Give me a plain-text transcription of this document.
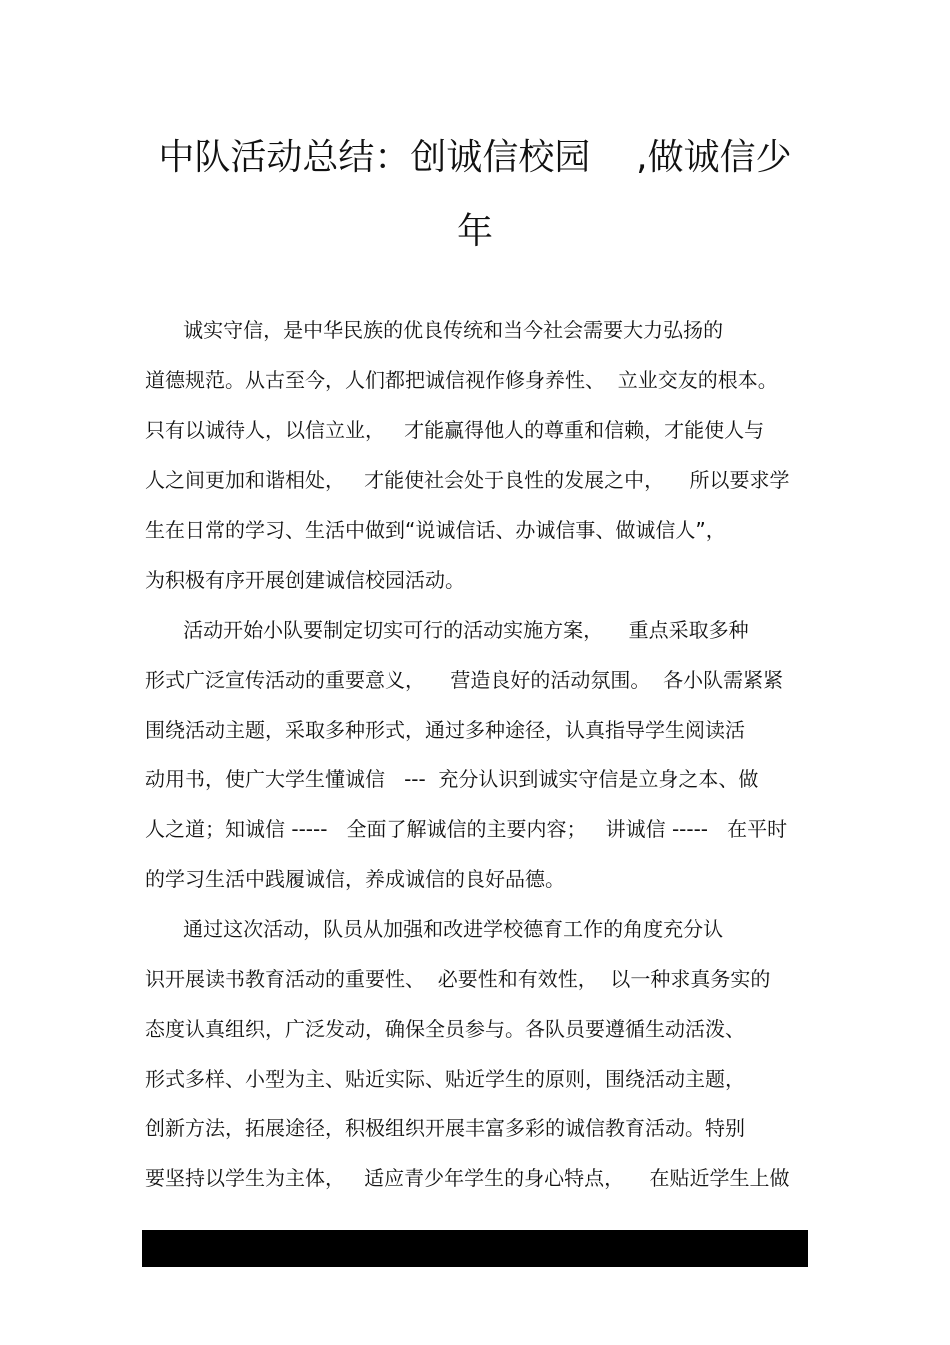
中队活动总结：创诚信校园    ,做诚信少
年
诚实守信，是中华民族的优良传统和当今社会需要大力弘扬的
道德规范。从古至今，人们都把诚信视作修身养性、  立业交友的根本。
只有以诚待人，以信立业，   才能赢得他人的尊重和信赖，才能使人与
人之间更加和谐相处，   才能使社会处于良性的发展之中，    所以要求学
生在日常的学习、生活中做到“说诚信话、办诚信事、做诚信人”，
为积极有序开展创建诚信校园活动。
活动开始小队要制定切实可行的活动实施方案，    重点采取多种
形式广泛宣传活动的重要意义，    营造良好的活动氛围。  各小队需紧紧
围绕活动主题，采取多种形式，通过多种途径，认真指导学生阅读活
动用书，使广大学生懂诚信   ---  充分认识到诚实守信是立身之本、做
人之道；知诚信 -----   全面了解诚信的主要内容；   讲诚信 -----   在平时
的学习生活中践履诚信，养成诚信的良好品德。
通过这次活动，队员从加强和改进学校德育工作的角度充分认
识开展读书教育活动的重要性、  必要性和有效性，  以一种求真务实的
态度认真组织，广泛发动，确保全员参与。各队员要遵循生动活泼、
形式多样、小型为主、贴近实际、贴近学生的原则，围绕活动主题，
创新方法，拓展途径，积极组织开展丰富多彩的诚信教育活动。特别
要坚持以学生为主体，   适应青少年学生的身心特点，    在贴近学生上做
